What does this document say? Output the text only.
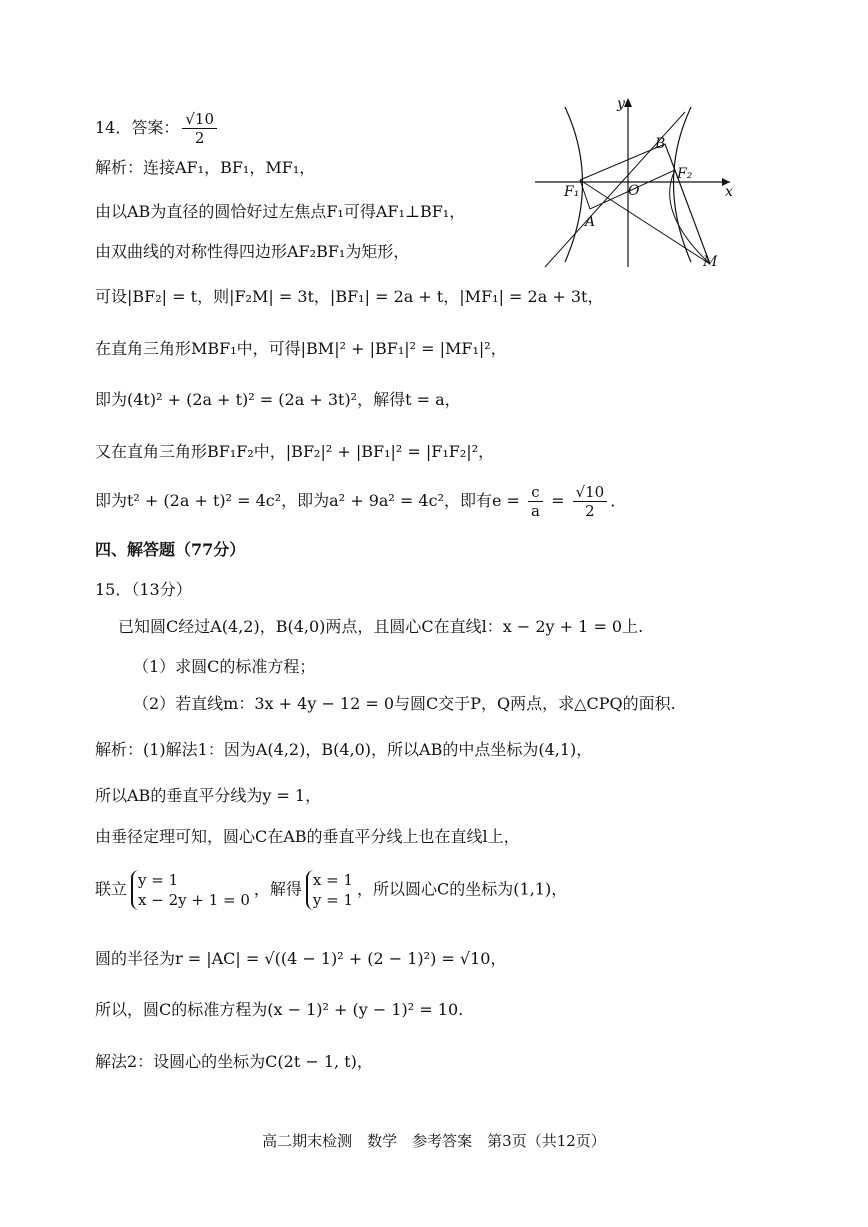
14．答案： $\frac{√10}{2}$
解析：连接AF₁，BF₁，MF₁，
由以AB为直径的圆恰好过左焦点F₁可得AF₁⊥BF₁，
由双曲线的对称性得四边形AF₂BF₁为矩形，
可设|BF₂| = t，则|F₂M| = 3t，|BF₁| = 2a + t，|MF₁| = 2a + 3t，
在直角三角形MBF₁中，可得|BM|² + |BF₁|² = |MF₁|²，
即为(4t)² + (2a + t)² = (2a + 3t)²，解得t = a，
又在直角三角形BF₁F₂中，|BF₂|² + |BF₁|² = |F₁F₂|²，
即为t² + (2a + t)² = 4c²，即为a² + 9a² = 4c²，即有$e = \frac{c}{a} = \frac{√10}{2}$ ．
y
x
B
F₂
F₁	O
A
M
四、解答题（77分）
15．（13分）
已知圆C经过A(4,2)，B(4,0)两点，且圆心C在直线l：x − 2y + 1 = 0上.
（1）求圆C的标准方程；
（2）若直线m：3x + 4y − 12 = 0与圆C交于P，Q两点，求△CPQ的面积.
解析：(1)解法1：因为A(4,2)，B(4,0)，所以AB的中点坐标为(4,1)，
所以AB的垂直平分线为y = 1，
由垂径定理可知，圆心C在AB的垂直平分线上也在直线l上，
联立 y = 1
x − 2y + 1 = 0
，解得 x = 1
y = 1
，所以圆心C的坐标为(1,1)，
圆的半径为r = |AC| = √((4 − 1)² + (2 − 1)²) = √10，
所以，圆C的标准方程为(x − 1)² + (y − 1)² = 10.
解法2：设圆心的坐标为C(2t − 1, t)，
高二期末检测　数学　参考答案　第3页（共12页）
